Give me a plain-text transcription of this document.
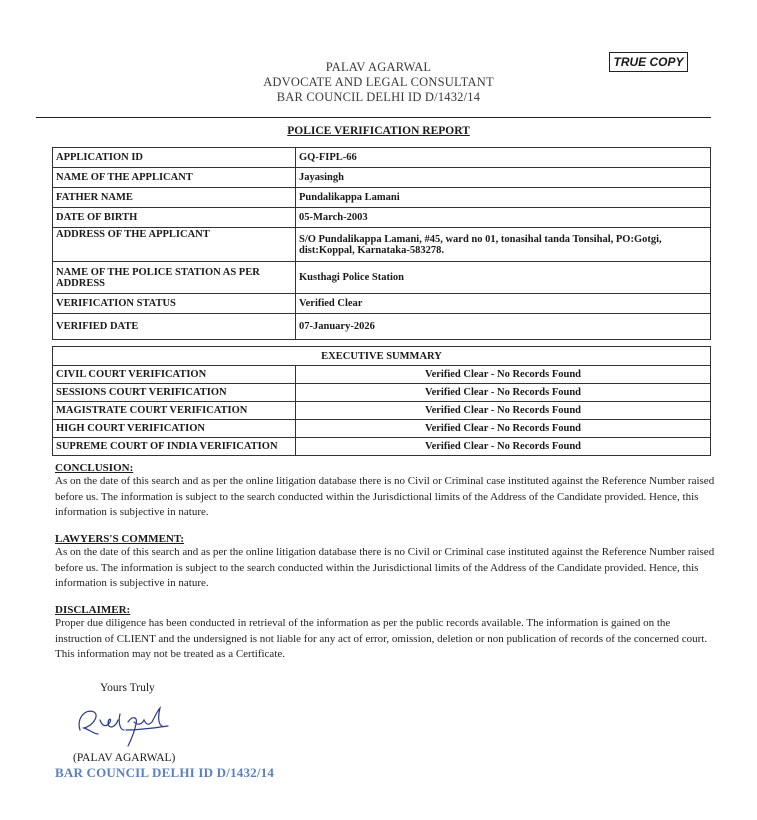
TRUE COPY
PALAV AGARWAL
ADVOCATE AND LEGAL CONSULTANT
BAR COUNCIL DELHI ID D/1432/14
POLICE VERIFICATION REPORT
APPLICATION ID	GQ-FIPL-66
NAME OF THE APPLICANT	Jayasingh
FATHER NAME	Pundalikappa Lamani
DATE OF BIRTH	05-March-2003
ADDRESS OF THE APPLICANT	S/O Pundalikappa Lamani, #45, ward no 01, tonasihal tanda Tonsihal, PO:Gotgi, dist:Koppal, Karnataka-583278.
NAME OF THE POLICE STATION AS PER ADDRESS	Kusthagi Police Station
VERIFICATION STATUS	Verified Clear
VERIFIED DATE	07-January-2026
EXECUTIVE SUMMARY	
CIVIL COURT VERIFICATION	Verified Clear - No Records Found
SESSIONS COURT VERIFICATION	Verified Clear - No Records Found
MAGISTRATE COURT VERIFICATION	Verified Clear - No Records Found
HIGH COURT VERIFICATION	Verified Clear - No Records Found
SUPREME COURT OF INDIA VERIFICATION	Verified Clear - No Records Found

CONCLUSION:

As on the date of this search and as per the online litigation database there is no Civil or Criminal case instituted against the Reference Number raised before us. The information is subject to the search conducted within the Jurisdictional limits of the Address of the Candidate provided. Hence, this information is subjective in nature.

LAWYERS'S COMMENT:

As on the date of this search and as per the online litigation database there is no Civil or Criminal case instituted against the Reference Number raised before us. The information is subject to the search conducted within the Jurisdictional limits of the Address of the Candidate provided. Hence, this information is subjective in nature.

DISCLAIMER:

Proper due diligence has been conducted in retrieval of the information as per the public records available. The information is gained on the instruction of CLIENT and the undersigned is not liable for any act of error, omission, deletion or non publication of records of the concerned court. This information may not be treated as a Certificate.

Yours Truly
(PALAV AGARWAL)
BAR COUNCIL DELHI ID D/1432/14
